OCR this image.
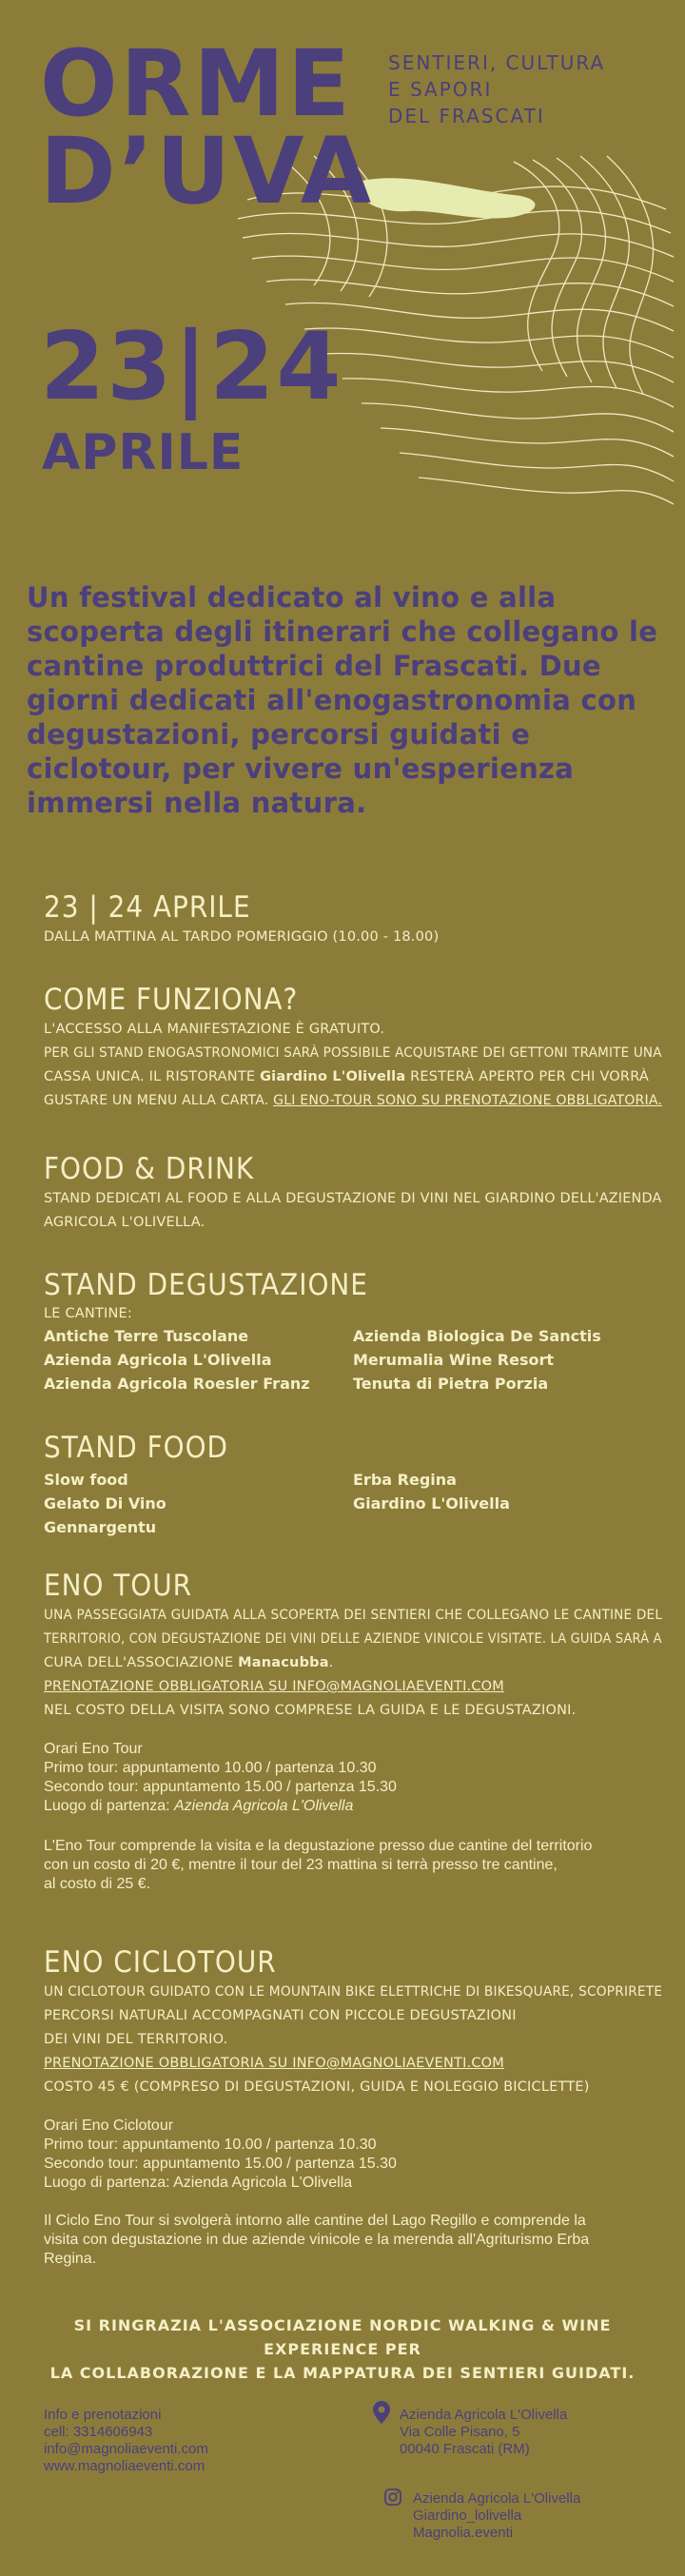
ORME
D’UVA
SENTIERI, CULTURA
E SAPORI
DEL FRASCATI
23|24
APRILE
Un festival dedicato al vino e alla scoperta degli itinerari che collegano le cantine produttrici del Frascati. Due giorni dedicati all'enogastronomia con degustazioni, percorsi guidati e ciclotour, per vivere un'esperienza immersi nella natura.
23 | 24 APRILE
DALLA MATTINA AL TARDO POMERIGGIO (10.00 - 18.00)
COME FUNZIONA?
L'ACCESSO ALLA MANIFESTAZIONE È GRATUITO.
PER GLI STAND ENOGASTRONOMICI SARÀ POSSIBILE ACQUISTARE DEI GETTONI TRAMITE UNA
CASSA UNICA. IL RISTORANTE Giardino L'Olivella RESTERÀ APERTO PER CHI VORRÀ
GUSTARE UN MENU ALLA CARTA. GLI ENO-TOUR SONO SU PRENOTAZIONE OBBLIGATORIA.
FOOD & DRINK
STAND DEDICATI AL FOOD E ALLA DEGUSTAZIONE DI VINI NEL GIARDINO DELL'AZIENDA
AGRICOLA L'OLIVELLA.
STAND DEGUSTAZIONE
LE CANTINE:
Antiche Terre Tuscolane
Azienda Agricola L'Olivella
Azienda Agricola Roesler Franz
Azienda Biologica De Sanctis
Merumalia Wine Resort
Tenuta di Pietra Porzia
STAND FOOD
Slow food
Gelato Di Vino
Gennargentu
Erba Regina
Giardino L'Olivella
ENO TOUR
UNA PASSEGGIATA GUIDATA ALLA SCOPERTA DEI SENTIERI CHE COLLEGANO LE CANTINE DEL
TERRITORIO, CON DEGUSTAZIONE DEI VINI DELLE AZIENDE VINICOLE VISITATE. LA GUIDA SARÀ A
CURA DELL'ASSOCIAZIONE Manacubba.
PRENOTAZIONE OBBLIGATORIA SU INFO@MAGNOLIAEVENTI.COM
NEL COSTO DELLA VISITA SONO COMPRESE LA GUIDA E LE DEGUSTAZIONI.
Orari Eno Tour
Primo tour: appuntamento 10.00 / partenza 10.30
Secondo tour: appuntamento 15.00 / partenza 15.30
Luogo di partenza: Azienda Agricola L'Olivella
L'Eno Tour comprende la visita e la degustazione presso due cantine del territorio
con un costo di 20 €, mentre il tour del 23 mattina si terrà presso tre cantine,
al costo di 25 €.
ENO CICLOTOUR
UN CICLOTOUR GUIDATO CON LE MOUNTAIN BIKE ELETTRICHE DI BIKESQUARE, SCOPRIRETE
PERCORSI NATURALI ACCOMPAGNATI CON PICCOLE DEGUSTAZIONI
DEI VINI DEL TERRITORIO.
PRENOTAZIONE OBBLIGATORIA SU INFO@MAGNOLIAEVENTI.COM
COSTO 45 € (COMPRESO DI DEGUSTAZIONI, GUIDA E NOLEGGIO BICICLETTE)
Orari Eno Ciclotour
Primo tour: appuntamento 10.00 / partenza 10.30
Secondo tour: appuntamento 15.00 / partenza 15.30
Luogo di partenza: Azienda Agricola L'Olivella
Il Ciclo Eno Tour si svolgerà intorno alle cantine del Lago Regillo e comprende la
visita con degustazione in due aziende vinicole e la merenda all'Agriturismo Erba
Regina.
SI RINGRAZIA L'ASSOCIAZIONE NORDIC WALKING & WINE EXPERIENCE PER
LA COLLABORAZIONE E LA MAPPATURA DEI SENTIERI GUIDATI.
Info e prenotazioni
cell: 3314606943
info@magnoliaeventi.com
www.magnoliaeventi.com
Azienda Agricola L'Olivella
Via Colle Pisano, 5
00040 Frascati (RM)
Azienda Agricola L'Olivella
Giardino_lolivella
Magnolia.eventi
